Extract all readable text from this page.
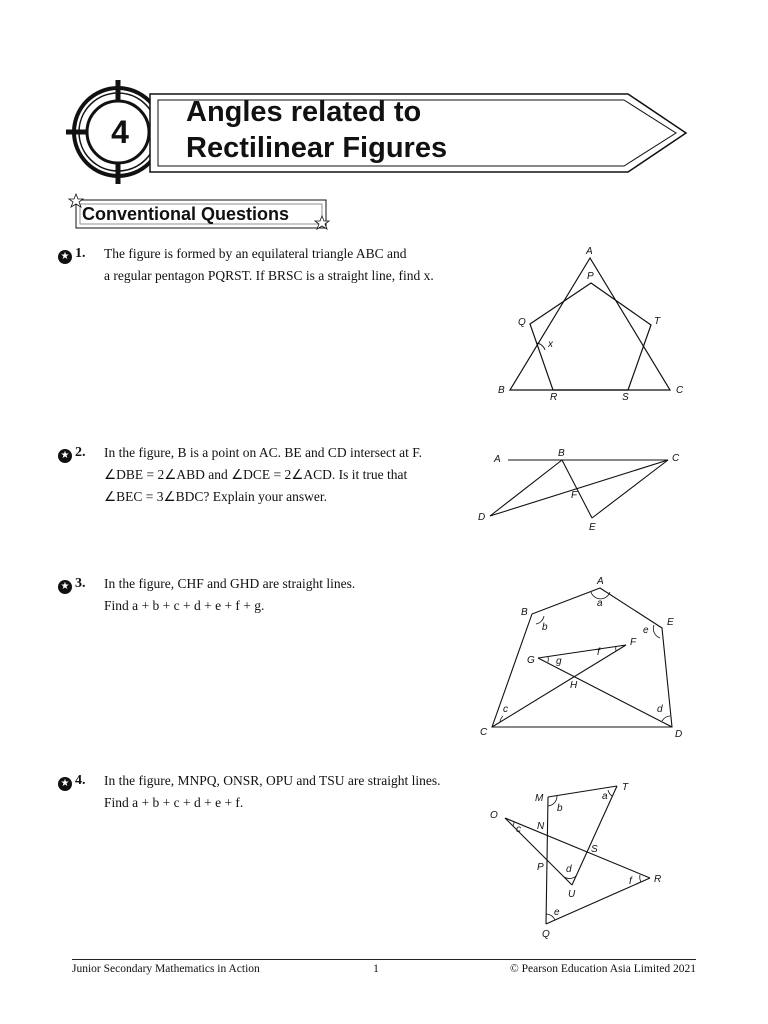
4
Angles related to
Rectilinear Figures
Conventional Questions
★ 1. The figure is formed by an equilateral triangle ABC and
a regular pentagon PQRST. If BRSC is a straight line, find x.
A
P
Q	T
x
B
R	S
C
★ 2. In the figure, B is a point on AC. BE and CD intersect at F.
∠DBE = 2∠ABD and ∠DCE = 2∠ACD. Is it true that
∠BEC = 3∠BDC? Explain your answer.
A
B	C
F
D
E
★ 3. In the figure, CHF and GHD are straight lines.
Find a + b + c + d + e + f + g.
A
a
B
b	E
e
F
G g
f
H
c	d
C	D
★ 4. In the figure, MNPQ, ONSR, OPU and TSU are straight lines.
Find a + b + c + d + e + f.
T
M	a
b
O
N
c
S
P d
R
f
U
e
Q
Junior Secondary Mathematics in Action	1	© Pearson Education Asia Limited 2021
